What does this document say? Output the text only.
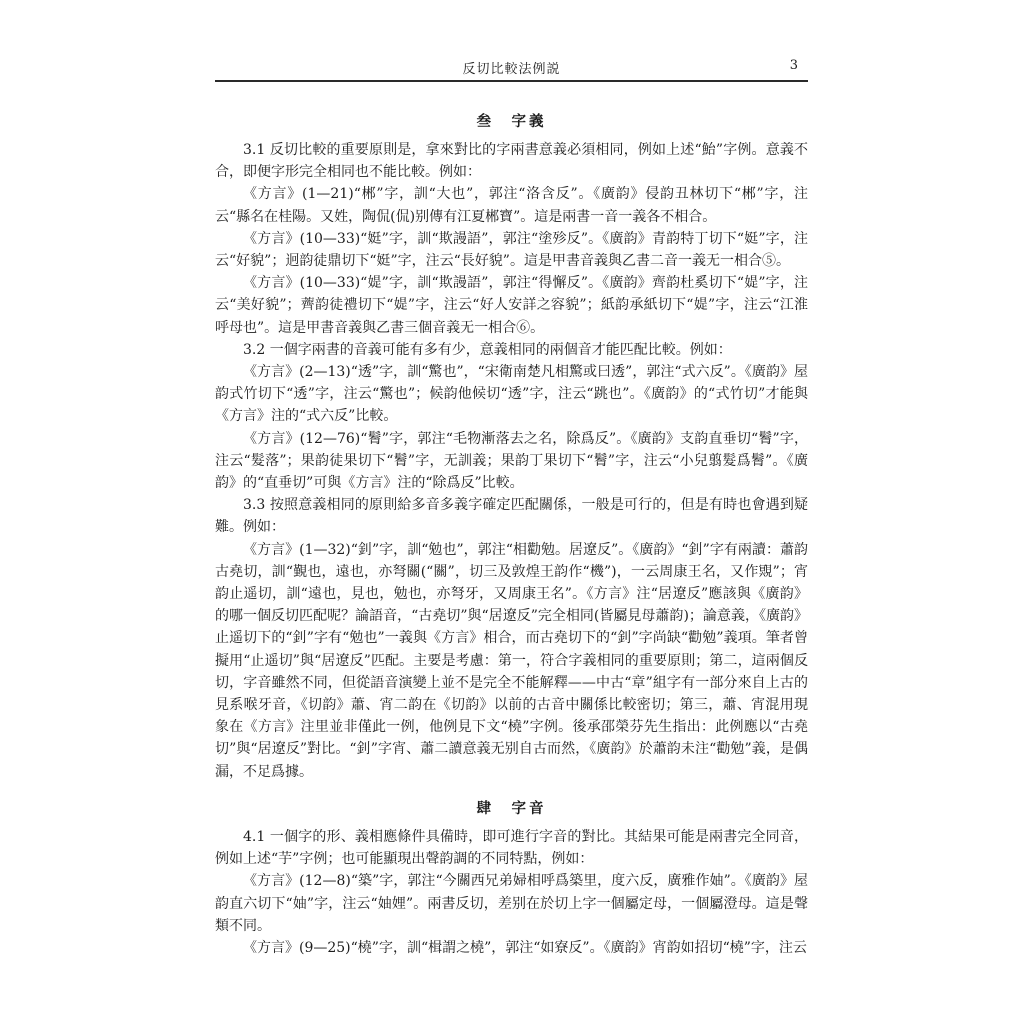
反切比較法例説	3
叁　字義

3.1 反切比較的重要原則是，拿來對比的字兩書意義必須相同，例如上述“鮐”字例。意義不合，即便字形完全相同也不能比較。例如：

《方言》(1—21)“郴”字，訓“大也”，郭注“洛含反”。《廣韵》侵韵丑林切下“郴”字，注云“縣名在桂陽。又姓，陶侃(侃)别傳有江夏郴寶”。這是兩書一音一義各不相合。

《方言》(10—33)“娗”字，訓“欺謾語”，郭注“塗殄反”。《廣韵》青韵特丁切下“娗”字，注云“好貌”；迥韵徒鼎切下“娗”字，注云“長好貌”。這是甲書音義與乙書二音一義无一相合⑤。

《方言》(10—33)“媞”字，訓“欺謾語”，郭注“得懈反”。《廣韵》齊韵杜奚切下“媞”字，注云“美好貌”；薺韵徒禮切下“媞”字，注云“好人安詳之容貌”；紙韵承紙切下“媞”字，注云“江淮呼母也”。這是甲書音義與乙書三個音義无一相合⑥。

3.2 一個字兩書的音義可能有多有少，意義相同的兩個音才能匹配比較。例如：

《方言》(2—13)“透”字，訓“驚也”，“宋衛南楚凡相驚或曰透”，郭注“式六反”。《廣韵》屋韵式竹切下“透”字，注云“驚也”；候韵他候切“透”字，注云“跳也”。《廣韵》的“式竹切”才能與《方言》注的“式六反”比較。

《方言》(12—76)“鬌”字，郭注“毛物漸落去之名，除爲反”。《廣韵》支韵直垂切“鬌”字，注云“髮落”；果韵徒果切下“鬌”字，无訓義；果韵丁果切下“鬌”字，注云“小兒翦髮爲鬌”。《廣韵》的“直垂切”可與《方言》注的“除爲反”比較。

3.3 按照意義相同的原則給多音多義字確定匹配關係，一般是可行的，但是有時也會遇到疑難。例如：

《方言》(1—32)“釗”字，訓“勉也”，郭注“相勸勉。居遼反”。《廣韵》“釗”字有兩讀：蕭韵古堯切，訓“覲也，遠也，亦弩關(“關”，切三及敦煌王韵作“機”)，一云周康王名，又作覭”；宵韵止遥切，訓“遠也，見也，勉也，亦弩牙，又周康王名”。《方言》注“居遼反”應該與《廣韵》的哪一個反切匹配呢？論語音，“古堯切”與“居遼反”完全相同(皆屬見母蕭韵)；論意義，《廣韵》止遥切下的“釗”字有“勉也”一義與《方言》相合，而古堯切下的“釗”字尚缺“勸勉”義項。筆者曾擬用“止遥切”與“居遼反”匹配。主要是考慮：第一，符合字義相同的重要原則；第二，這兩個反切，字音雖然不同，但從語音演變上並不是完全不能解釋——中古“章”組字有一部分來自上古的見系喉牙音，《切韵》蕭、宵二韵在《切韵》以前的古音中關係比較密切；第三，蕭、宵混用現象在《方言》注里並非僅此一例，他例見下文“橈”字例。後承邵榮芬先生指出：此例應以“古堯切”與“居遼反”對比。“釗”字宵、蕭二讀意義无别自古而然，《廣韵》於蕭韵未注“勸勉”義，是偶漏，不足爲據。

肆　字音

4.1 一個字的形、義相應條件具備時，即可進行字音的對比。其結果可能是兩書完全同音，例如上述“芋”字例；也可能顯現出聲韵調的不同特點，例如：

《方言》(12—8)“築”字，郭注“今關西兄弟婦相呼爲築里，度六反，廣雅作妯”。《廣韵》屋韵直六切下“妯”字，注云“妯娌”。兩書反切，差别在於切上字一個屬定母，一個屬澄母。這是聲類不同。

《方言》(9—25)“橈”字，訓“楫謂之橈”，郭注“如寮反”。《廣韵》宵韵如招切“橈”字，注云
